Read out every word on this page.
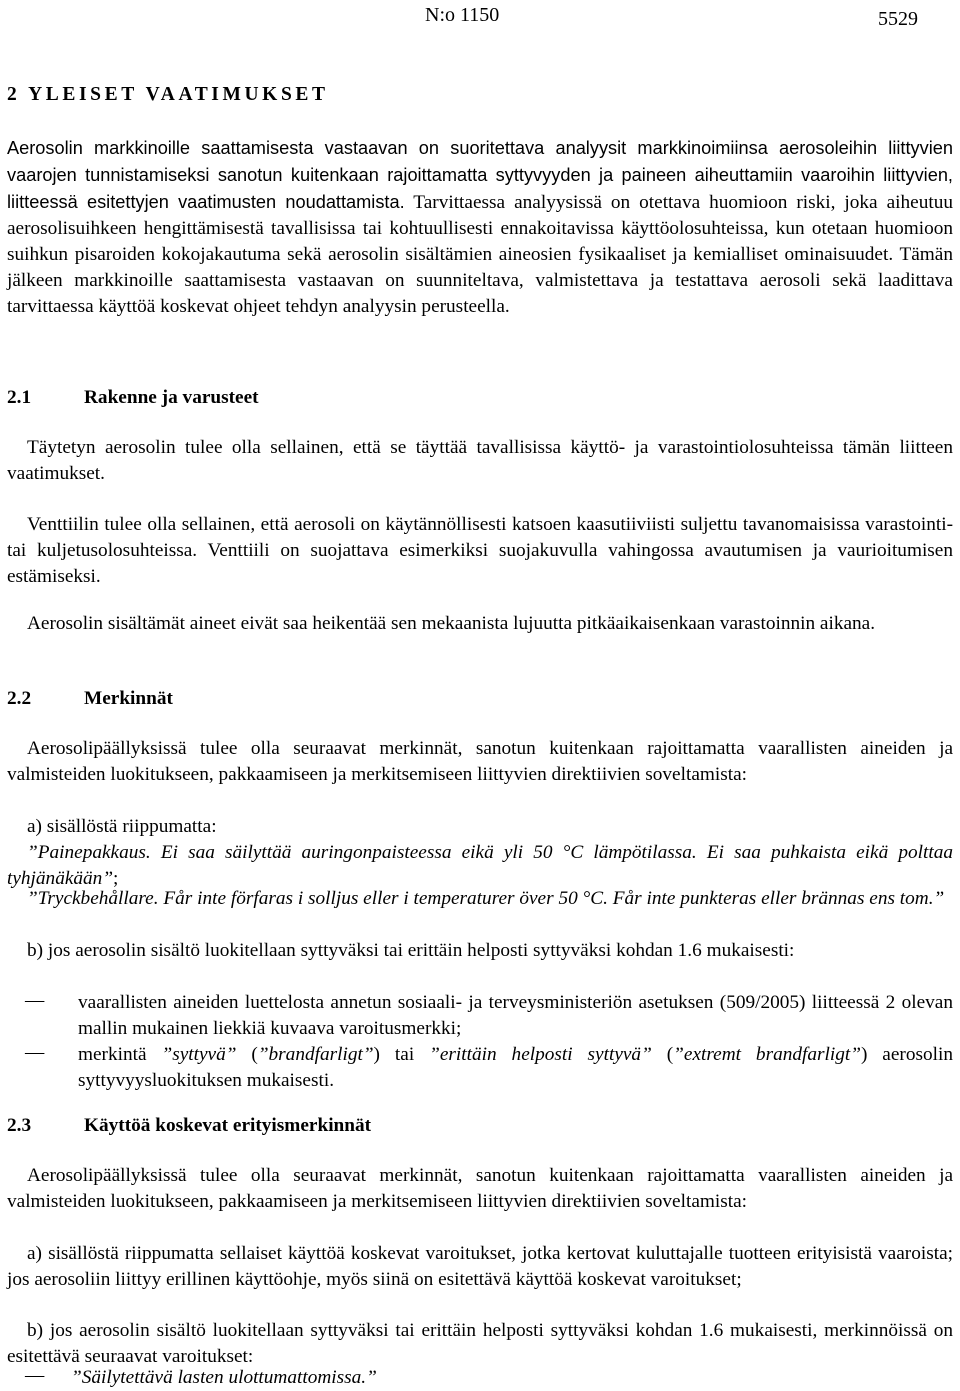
N:o 1150	5529
2 YLEISET VAATIMUKSET
Aerosolin markkinoille saattamisesta vastaavan on suoritettava analyysit markkinoimiinsa aerosoleihin liittyvien vaarojen tunnistamiseksi sanotun kuitenkaan rajoittamatta syttyvyyden ja paineen aiheuttamiin vaaroihin liittyvien, liitteessä esitettyjen vaatimusten noudattamista. Tarvittaessa analyysissä on otettava huomioon riski, joka aiheutuu aerosolisuihkeen hengittämisestä tavallisissa tai kohtuullisesti ennakoitavissa käyttöolosuhteissa, kun otetaan huomioon suihkun pisaroiden kokojakautuma sekä aerosolin sisältämien aineosien fysikaaliset ja kemialliset ominaisuudet. Tämän jälkeen markkinoille saattamisesta vastaavan on suunniteltava, valmistettava ja testattava aerosoli sekä laadittava tarvittaessa käyttöä koskevat ohjeet tehdyn analyysin perusteella.
2.1	Rakenne ja varusteet
Täytetyn aerosolin tulee olla sellainen, että se täyttää tavallisissa käyttö- ja varastointiolosuhteissa tämän liitteen vaatimukset.
Venttiilin tulee olla sellainen, että aerosoli on käytännöllisesti katsoen kaasutiiviisti suljettu tavanomaisissa varastointi- tai kuljetusolosuhteissa. Venttiili on suojattava esimerkiksi suojakuvulla vahingossa avautumisen ja vaurioitumisen estämiseksi.
Aerosolin sisältämät aineet eivät saa heikentää sen mekaanista lujuutta pitkäaikaisenkaan varastoinnin aikana.
2.2	Merkinnät
Aerosolipäällyksissä tulee olla seuraavat merkinnät, sanotun kuitenkaan rajoittamatta vaarallisten aineiden ja valmisteiden luokitukseen, pakkaamiseen ja merkitsemiseen liittyvien direktiivien soveltamista:
a) sisällöstä riippumatta:
”Painepakkaus. Ei saa säilyttää auringonpaisteessa eikä yli 50 °C lämpötilassa. Ei saa puhkaista eikä polttaa tyhjänäkään”;
”Tryckbehållare. Får inte förfaras i solljus eller i temperaturer över 50 °C. Får inte punkteras eller brännas ens tom.”
b) jos aerosolin sisältö luokitellaan syttyväksi tai erittäin helposti syttyväksi kohdan 1.6 mukaisesti:
— vaarallisten aineiden luettelosta annetun sosiaali- ja terveysministeriön asetuksen (509/2005) liitteessä 2 olevan mallin mukainen liekkiä kuvaava varoitusmerkki;
— merkintä ”syttyvä” (”brandfarligt”) tai ”erittäin helposti syttyvä” (”extremt brandfarligt”) aerosolin syttyvyysluokituksen mukaisesti.
2.3	Käyttöä koskevat erityismerkinnät
Aerosolipäällyksissä tulee olla seuraavat merkinnät, sanotun kuitenkaan rajoittamatta vaarallisten aineiden ja valmisteiden luokitukseen, pakkaamiseen ja merkitsemiseen liittyvien direktiivien soveltamista:
a) sisällöstä riippumatta sellaiset käyttöä koskevat varoitukset, jotka kertovat kuluttajalle tuotteen erityisistä vaaroista; jos aerosoliin liittyy erillinen käyttöohje, myös siinä on esitettävä käyttöä koskevat varoitukset;
b) jos aerosolin sisältö luokitellaan syttyväksi tai erittäin helposti syttyväksi kohdan 1.6 mukaisesti, merkinnöissä on esitettävä seuraavat varoitukset:
— ”Säilytettävä lasten ulottumattomissa.”
